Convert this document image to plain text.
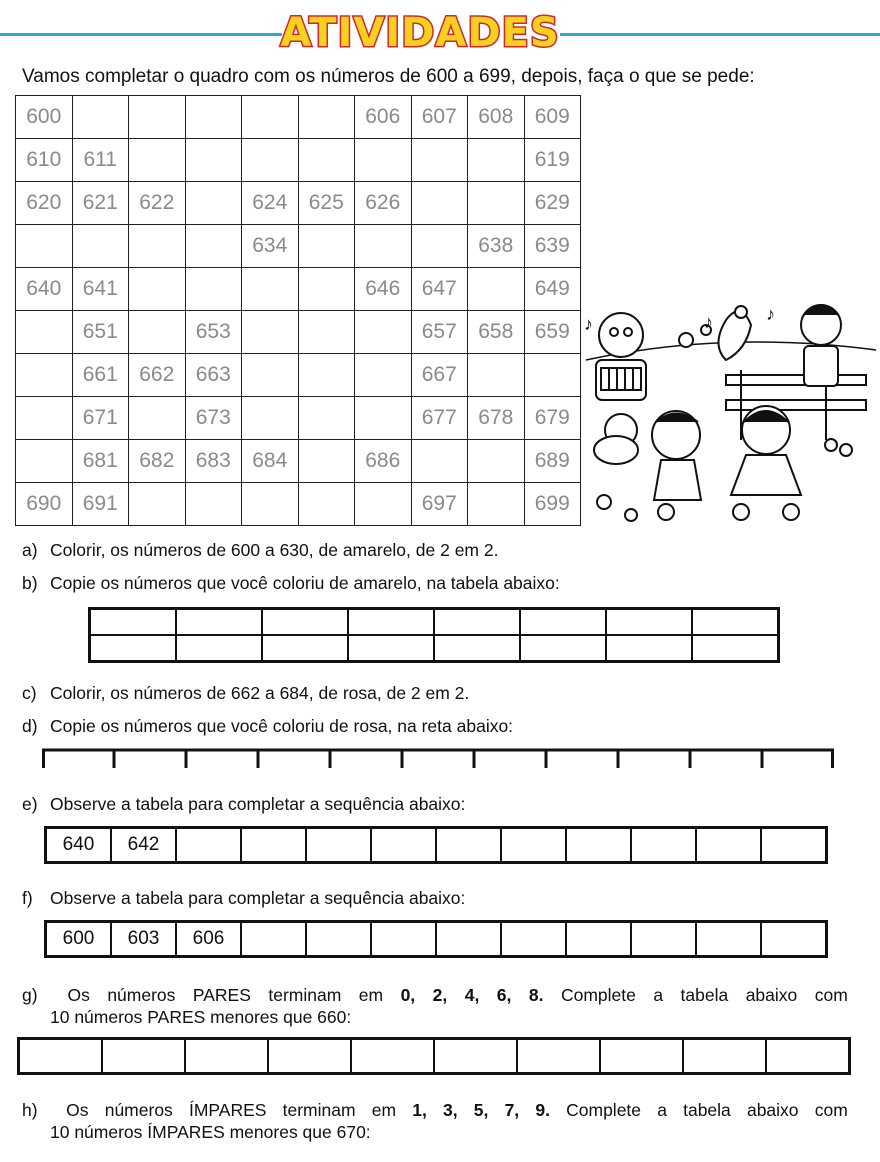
ATIVIDADES
Vamos completar o quadro com os números de 600 a 699, depois, faça o que se pede:
600						606	607	608	609
610	611								619
620	621	622		624	625	626			629
				634				638	639
640	641					646	647		649
	651		653				657	658	659
	661	662	663				667		
	671		673				677	678	679
	681	682	683	684		686			689
690	691						697		699
♪	♪	♪
a) Colorir, os números de 600 a 630, de amarelo, de 2 em 2.
b) Copie os números que você coloriu de amarelo, na tabela abaixo:

c) Colorir, os números de 662 a 684, de rosa, de 2 em 2.
d) Copie os números que você coloriu de rosa, na reta abaixo:
e) Observe a tabela para completar a sequência abaixo:
640	642										
f) Observe a tabela para completar a sequência abaixo:
600	603	606									
g)	Os números PARES terminam em 0, 2, 4, 6, 8. Complete a tabela abaixo com
10 números PARES menores que 660:

h)	Os números ÍMPARES terminam em 1, 3, 5, 7, 9. Complete a tabela abaixo com
10 números ÍMPARES menores que 670:
